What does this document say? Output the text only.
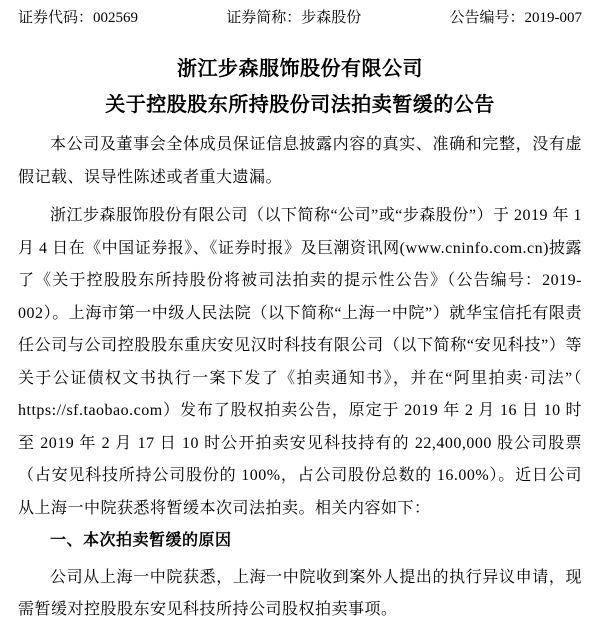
证券代码：002569	证券简称：步森股份	公告编号：2019-007
浙江步森服饰股份有限公司
关于控股股东所持股份司法拍卖暂缓的公告

本公司及董事会全体成员保证信息披露内容的真实、准确和完整，没有虚假记载、误导性陈述或者重大遗漏。

浙江步森服饰股份有限公司（以下简称“公司”或“步森股份”）于 2019 年 1 月 4 日在《中国证券报》、《证券时报》及巨潮资讯网(www.cninfo.com.cn)披露了《关于控股股东所持股份将被司法拍卖的提示性公告》（公告编号：2019-002）。上海市第一中级人民法院（以下简称“上海一中院”）就华宝信托有限责任公司与公司控股股东重庆安见汉时科技有限公司（以下简称“安见科技”）等关于公证债权文书执行一案下发了《拍卖通知书》，并在“阿里拍卖·司法”（ https://sf.taobao.com）发布了股权拍卖公告，原定于 2019 年 2 月 16 日 10 时至 2019 年 2 月 17 日 10 时公开拍卖安见科技持有的 22,400,000 股公司股票（占安见科技所持公司股份的 100%，占公司股份总数的 16.00%）。近日公司从上海一中院获悉将暂缓本次司法拍卖。相关内容如下：

一、本次拍卖暂缓的原因

公司从上海一中院获悉，上海一中院收到案外人提出的执行异议申请，现需暂缓对控股股东安见科技所持公司股权拍卖事项。
